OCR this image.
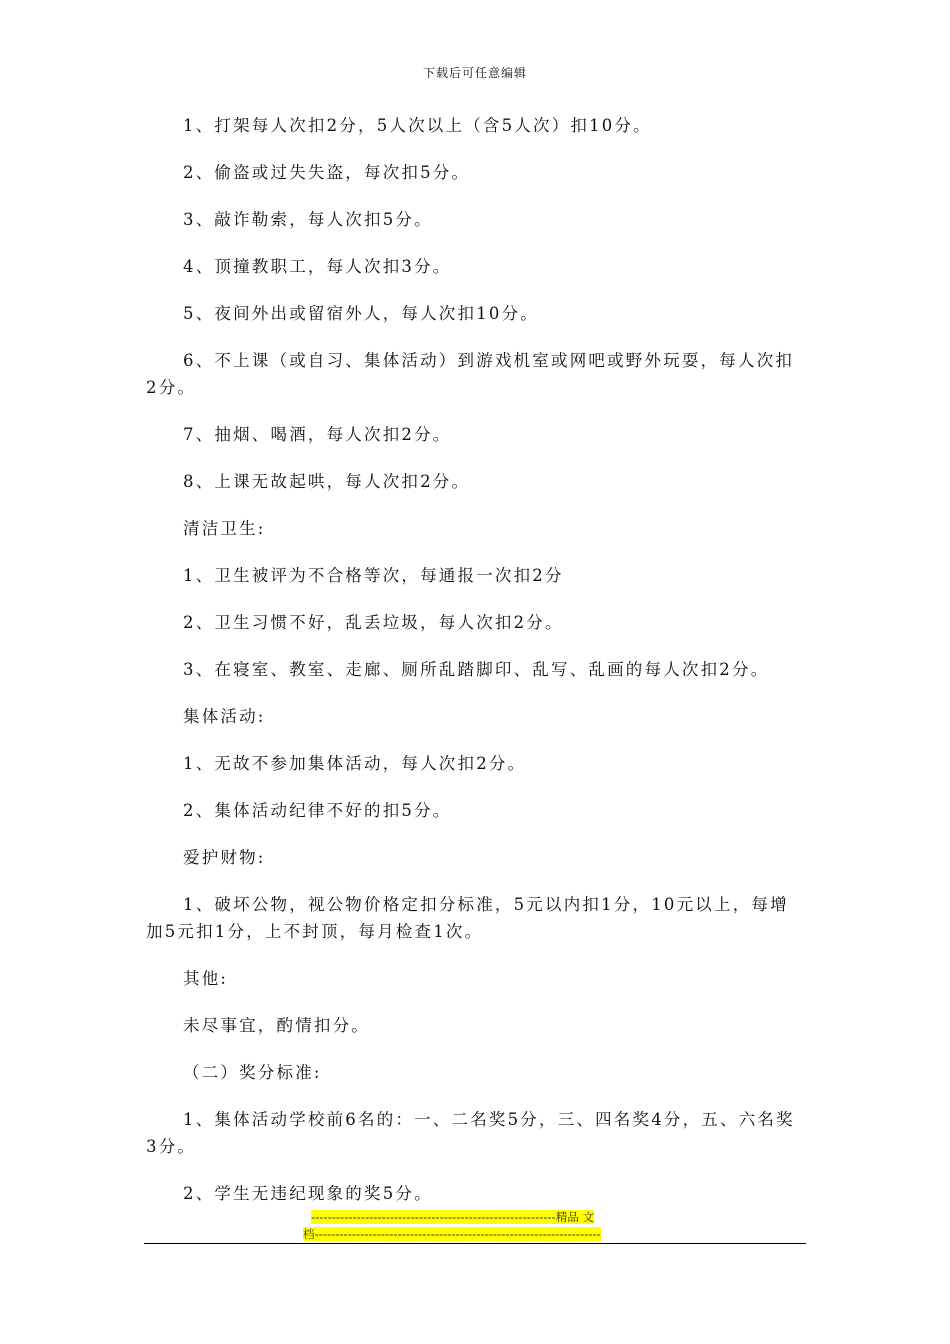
下载后可任意编辑

1、打架每人次扣2分，5人次以上（含5人次）扣10分。

2、偷盗或过失失盗，每次扣5分。

3、敲诈勒索，每人次扣5分。

4、顶撞教职工，每人次扣3分。

5、夜间外出或留宿外人，每人次扣10分。

6、不上课（或自习、集体活动）到游戏机室或网吧或野外玩耍，每人次扣2分。

7、抽烟、喝酒，每人次扣2分。

8、上课无故起哄，每人次扣2分。

清洁卫生:

1、卫生被评为不合格等次，每通报一次扣2分

2、卫生习惯不好，乱丢垃圾，每人次扣2分。

3、在寝室、教室、走廊、厕所乱踏脚印、乱写、乱画的每人次扣2分。

集体活动:

1、无故不参加集体活动，每人次扣2分。

2、集体活动纪律不好的扣5分。

爱护财物:

1、破坏公物，视公物价格定扣分标准，5元以内扣1分，10元以上，每增加5元扣1分，上不封顶，每月检查1次。

其他:

未尽事宜，酌情扣分。

（二）奖分标准:

1、集体活动学校前6名的：一、二名奖5分，三、四名奖4分，五、六名奖3分。

2、学生无违纪现象的奖5分。

-----------------------------------------------------------精品 文
档---------------------------------------------------------------------
